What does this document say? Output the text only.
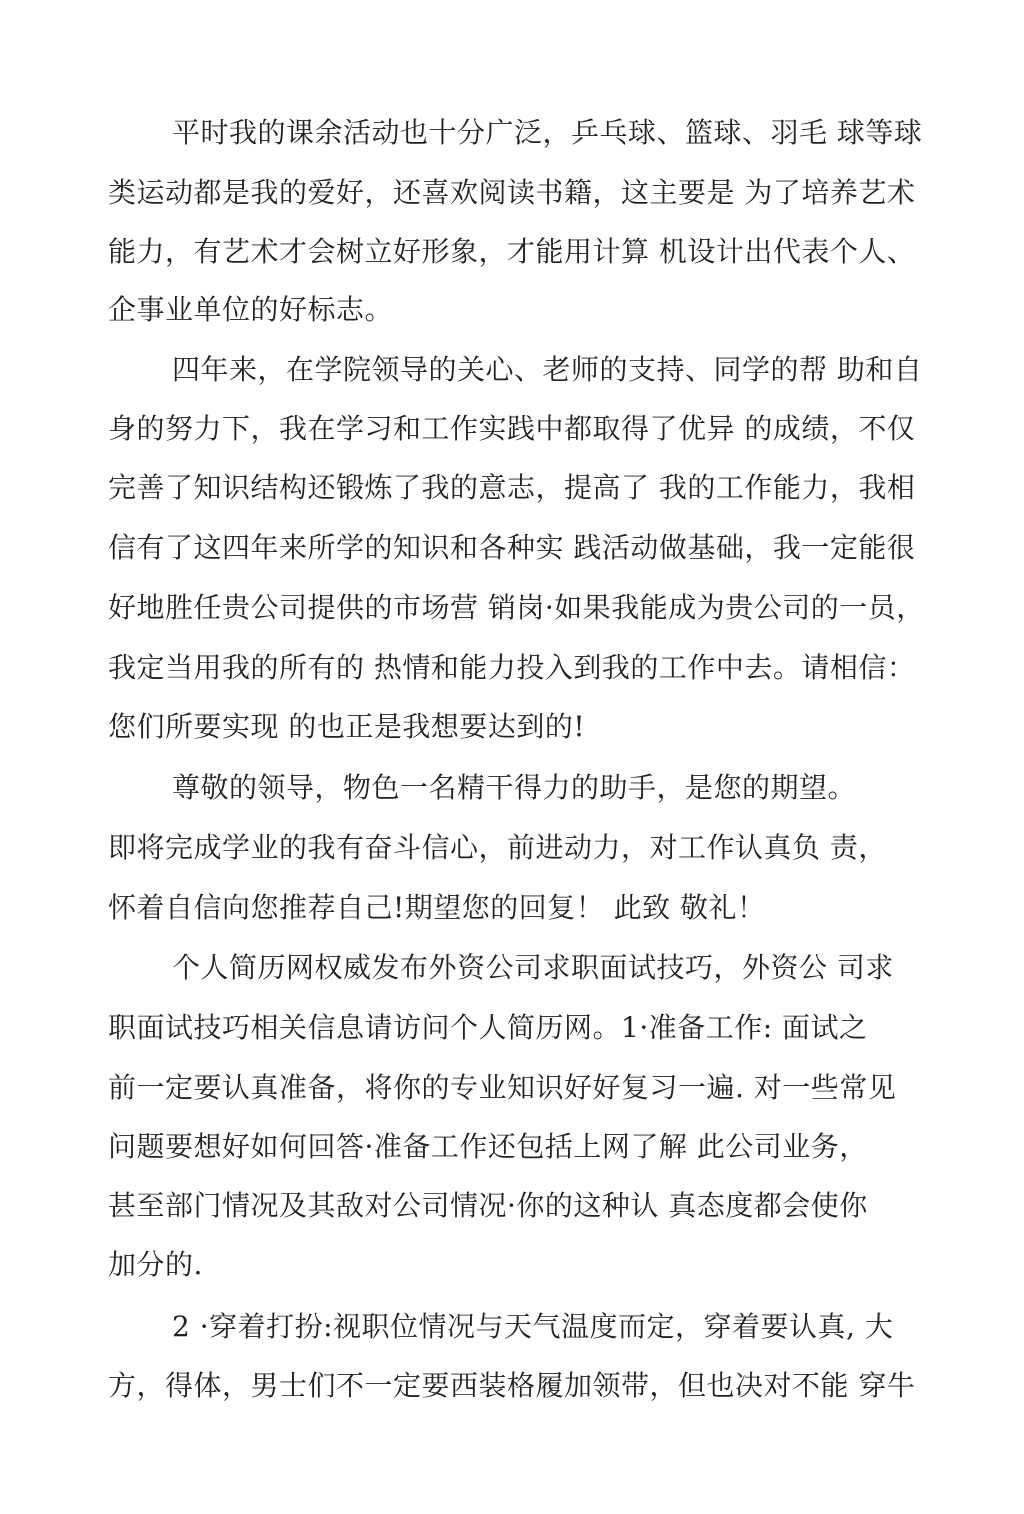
平时我的课余活动也十分广泛，乒乓球、篮球、羽毛 球等球

类运动都是我的爱好，还喜欢阅读书籍，这主要是 为了培养艺术

能力，有艺术才会树立好形象，才能用计算 机设计出代表个人、

企事业单位的好标志。

四年来，在学院领导的关心、老师的支持、同学的帮 助和自

身的努力下，我在学习和工作实践中都取得了优异 的成绩，不仅

完善了知识结构还锻炼了我的意志，提高了 我的工作能力，我相

信有了这四年来所学的知识和各种实 践活动做基础，我一定能很

好地胜任贵公司提供的市场营 销岗·如果我能成为贵公司的一员，

我定当用我的所有的 热情和能力投入到我的工作中去。请相信：

您们所要实现 的也正是我想要达到的!

尊敬的领导，物色一名精干得力的助手，是您的期望。

即将完成学业的我有奋斗信心，前进动力，对工作认真负 责，

怀着自信向您推荐自己!期望您的回复！ 此致 敬礼！

个人简历网权威发布外资公司求职面试技巧，外资公 司求

职面试技巧相关信息请访问个人简历网。1·准备工作: 面试之

前一定要认真准备，将你的专业知识好好复习一遍. 对一些常见

问题要想好如何回答·准备工作还包括上网了解 此公司业务，

甚至部门情况及其敌对公司情况·你的这种认 真态度都会使你

加分的.

2 ·穿着打扮:视职位情况与天气温度而定，穿着要认真, 大

方，得体，男士们不一定要西装格履加领带，但也决对不能 穿牛
